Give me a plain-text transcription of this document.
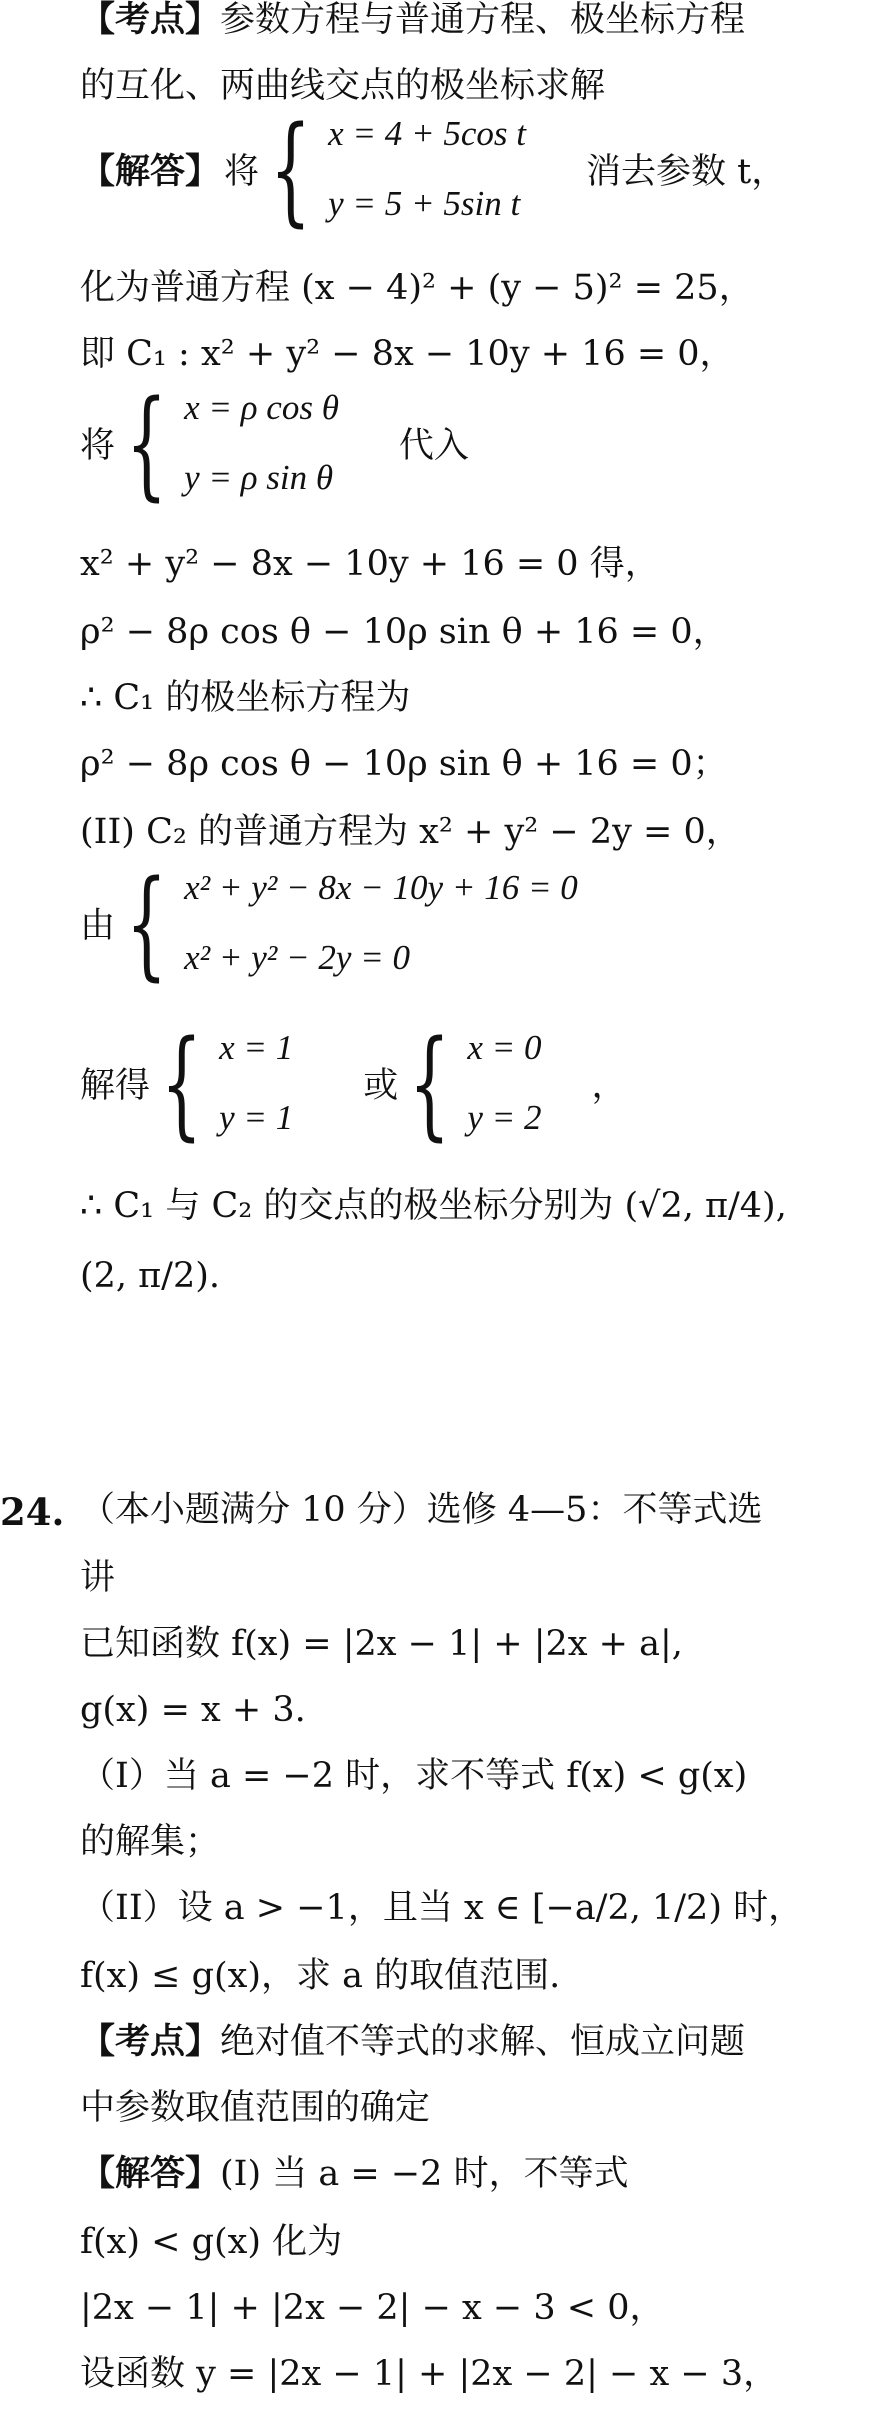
【考点】参数方程与普通方程、极坐标方程
的互化、两曲线交点的极坐标求解
【解答】 将 { x = 4 + 5cos t
y = 5 + 5sin t
消去参数 t，
化为普通方程 (x − 4)² + (y − 5)² = 25，
即 C₁ : x² + y² − 8x − 10y + 16 = 0，
将 { x = ρ cos θ
y = ρ sin θ
代入
x² + y² − 8x − 10y + 16 = 0 得，
ρ² − 8ρ cos θ − 10ρ sin θ + 16 = 0，
∴ C₁ 的极坐标方程为
ρ² − 8ρ cos θ − 10ρ sin θ + 16 = 0；
(II) C₂ 的普通方程为 x² + y² − 2y = 0，
由 { x² + y² − 8x − 10y + 16 = 0
x² + y² − 2y = 0
解得 { x = 1
y = 1
或 { x = 0
y = 2
，
∴ C₁ 与 C₂ 的交点的极坐标分别为 (√2, π/4),
(2, π/2).
24. （本小题满分 10 分）选修 4—5：不等式选
讲
已知函数 f(x) = |2x − 1| + |2x + a|,
g(x) = x + 3.
（I）当 a = −2 时，求不等式 f(x) < g(x)
的解集；
（II）设 a > −1，且当 x ∈ [−a/2, 1/2) 时，
f(x) ≤ g(x)，求 a 的取值范围.
【考点】绝对值不等式的求解、恒成立问题
中参数取值范围的确定
【解答】(I) 当 a = −2 时，不等式
f(x) < g(x) 化为
|2x − 1| + |2x − 2| − x − 3 < 0，
设函数 y = |2x − 1| + |2x − 2| − x − 3，
